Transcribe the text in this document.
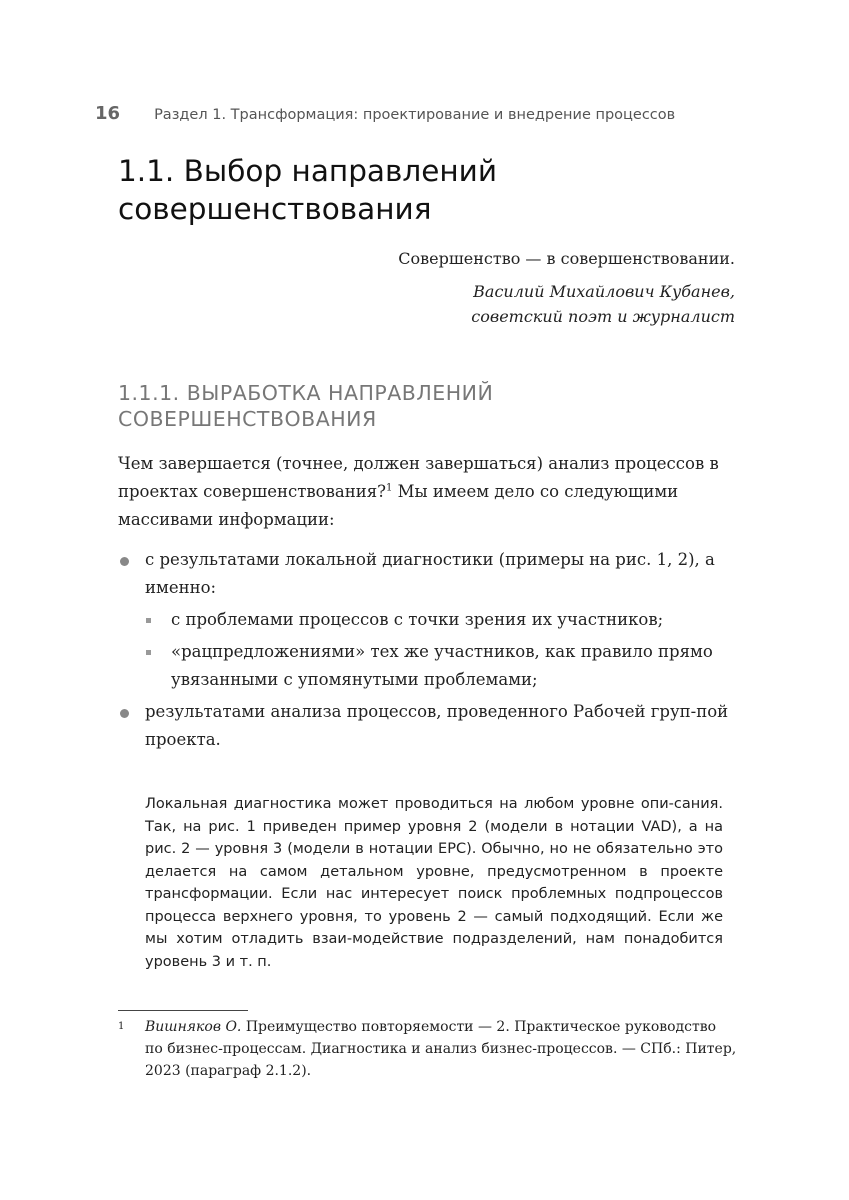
16 Раздел 1. Трансформация: проектирование и внедрение процессов
1.1. Выбор направлений
совершенствования
Совершенство — в совершенствовании.
Василий Михайлович Кубанев,
советский поэт и журналист
1.1.1. ВЫРАБОТКА НАПРАВЛЕНИЙ
СОВЕРШЕНСТВОВАНИЯ

Чем завершается (точнее, должен завершаться) анализ процессов в проектах совершенствования?$^1$ Мы имеем дело со следующими массивами информации:

с результатами локальной диагностики (примеры на рис. 1, 2), а именно:
с проблемами процессов с точки зрения их участников;
«рацпредложениями» тех же участников, как правило прямо увязанными с упомянутыми проблемами;
результатами анализа процессов, проведенного Рабочей груп-пой проекта.
Локальная диагностика может проводиться на любом уровне опи-сания. Так, на рис. 1 приведен пример уровня 2 (модели в нотации VAD), а на рис. 2 — уровня 3 (модели в нотации EPC). Обычно, но не обязательно это делается на самом детальном уровне, предусмотренном в проекте трансформации. Если нас интересует поиск проблемных подпроцессов процесса верхнего уровня, то уровень 2 — самый подходящий. Если же мы хотим отладить взаи-модействие подразделений, нам понадобится уровень 3 и т. п.
1	Вишняков О. Преимущество повторяемости — 2. Практическое руководство по бизнес-процессам. Диагностика и анализ бизнес-процессов. — СПб.: Питер, 2023 (параграф 2.1.2).
